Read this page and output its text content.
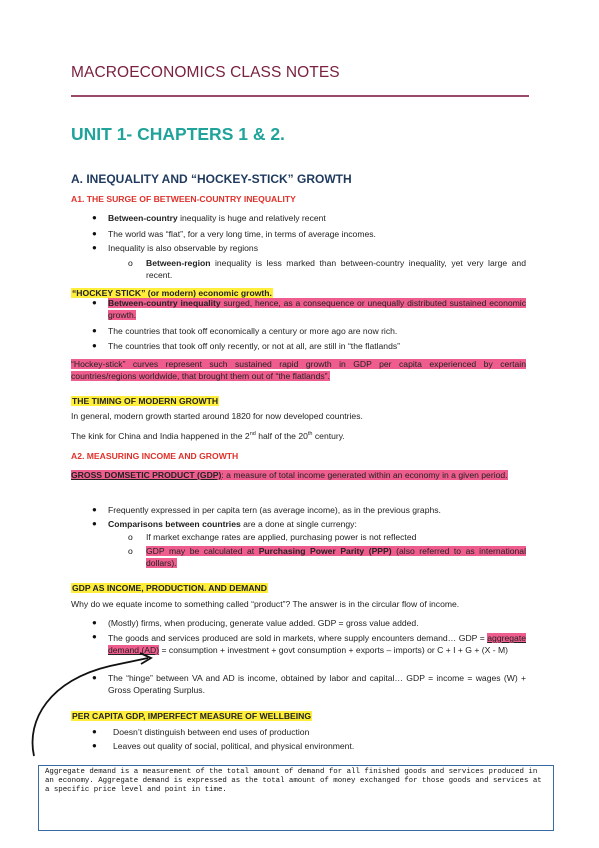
MACROECONOMICS CLASS NOTES
UNIT 1- CHAPTERS 1 & 2.
A. INEQUALITY AND “HOCKEY-STICK” GROWTH
A1. THE SURGE OF BETWEEN-COUNTRY INEQUALITY
● Between-country inequality is huge and relatively recent
● The world was “flat”, for a very long time, in terms of average incomes.
● Inequality is also observable by regions
o Between-region inequality is less marked than between-country inequality, yet very large and recent.
“HOCKEY STICK” (or modern) economic growth.
● Between-country inequality surged, hence, as a consequence or unequally distributed sustained economic growth.
● The countries that took off economically a century or more ago are now rich.
● The countries that took off only recently, or not at all, are still in “the flatlands”
“Hockey-stick” curves represent such sustained rapid growth in GDP per capita experienced by certain countries/regions worldwide, that brought them out of “the flatlands”.
THE TIMING OF MODERN GROWTH
In general, modern growth started around 1820 for now developed countries.
The kink for China and India happened in the 2nd half of the 20th century.
A2. MEASURING INCOME AND GROWTH
GROSS DOMSETIC PRODUCT (GDP): a measure of total income generated within an economy in a given period.
● Frequently expressed in per capita tern (as average income), as in the previous graphs.
● Comparisons between countries are a done at single currengy:
o If market exchange rates are applied, purchasing power is not reflected
o GDP may be calculated at Purchasing Power Parity (PPP) (also referred to as international dollars).
GDP AS INCOME, PRODUCTION. AND DEMAND
Why do we equate income to something called “product”? The answer is in the circular flow of income.
● (Mostly) firms, when producing, generate value added. GDP = gross value added.
● The goods and services produced are sold in markets, where supply encounters demand… GDP = aggregate demand (AD) = consumption + investment + govt consumption + exports – imports) or C + I + G + (X - M)
● The “hinge” between VA and AD is income, obtained by labor and capital… GDP = income = wages (W) + Gross Operating Surplus.
PER CAPITA GDP, IMPERFECT MEASURE OF WELLBEING
● Doesn’t distinguish between end uses of production
● Leaves out quality of social, political, and physical environment.
Aggregate demand is a measurement of the total amount of demand for all finished goods and services produced in an economy. Aggregate demand is expressed as the total amount of money exchanged for those goods and services at a specific price level and point in time.
